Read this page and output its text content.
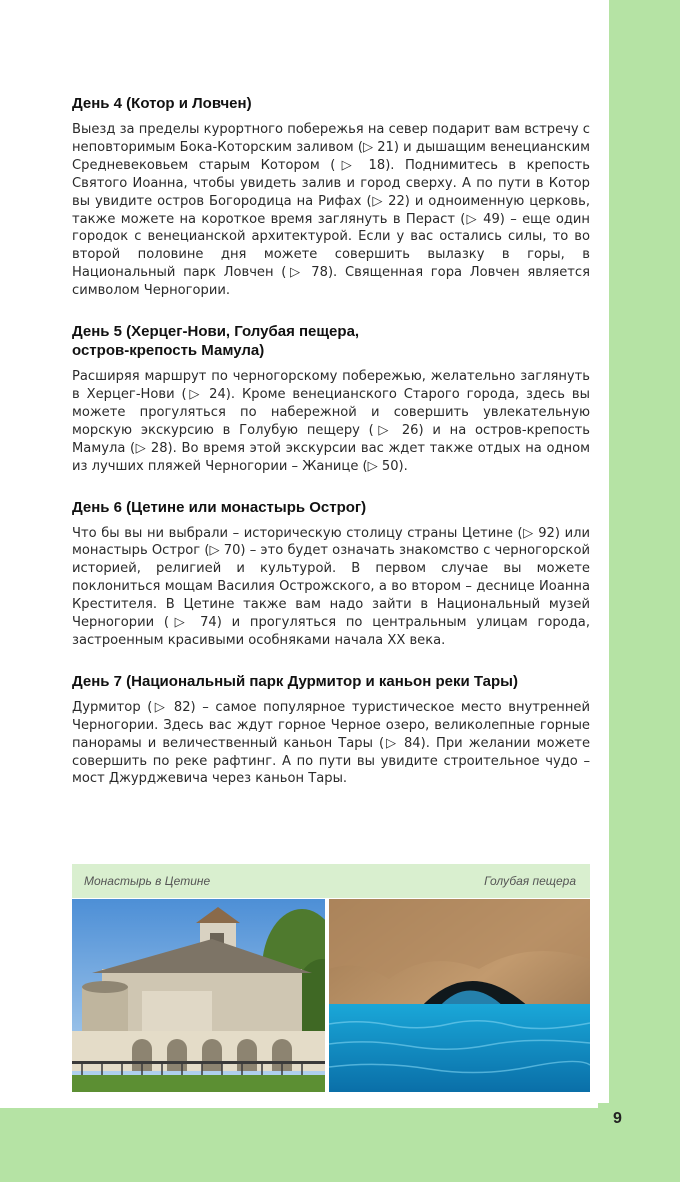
9
День 4 (Котор и Ловчен)
Выезд за пределы курортного побережья на север подарит вам встречу с неповторимым Бока-Которским заливом (▷ 21) и дышащим венецианским Средневековьем старым Котором (▷ 18). Поднимитесь в крепость Святого Иоанна, чтобы увидеть залив и город сверху. А по пути в Котор вы увидите остров Богородица на Рифах (▷ 22) и одноименную церковь, также можете на короткое время заглянуть в Пераст (▷ 49) – еще один городок с венецианской архитектурой. Если у вас остались силы, то во второй половине дня можете совершить вылазку в горы, в Национальный парк Ловчен (▷ 78). Священная гора Ловчен является символом Черногории.
День 5 (Херцег-Нови, Голубая пещера, остров-крепость Мамула)
Расширяя маршрут по черногорскому побережью, желательно заглянуть в Херцег-Нови (▷ 24). Кроме венецианского Старого города, здесь вы можете прогуляться по набережной и совершить увлекательную морскую экскурсию в Голубую пещеру (▷ 26) и на остров-крепость Мамула (▷ 28). Во время этой экскурсии вас ждет также отдых на одном из лучших пляжей Черногории – Жанице (▷ 50).
День 6 (Цетине или монастырь Острог)
Что бы вы ни выбрали – историческую столицу страны Цетине (▷ 92) или монастырь Острог (▷ 70) – это будет означать знакомство с черногорской историей, религией и культурой. В первом случае вы можете поклониться мощам Василия Острожского, а во втором – деснице Иоанна Крестителя. В Цетине также вам надо зайти в Национальный музей Черногории (▷ 74) и прогуляться по центральным улицам города, застроенным красивыми особняками начала XX века.
День 7 (Национальный парк Дурмитор и каньон реки Тары)
Дурмитор (▷ 82) – самое популярное туристическое место внутренней Черногории. Здесь вас ждут горное Черное озеро, великолепные горные панорамы и величественный каньон Тары (▷ 84). При желании можете совершить по реке рафтинг. А по пути вы увидите строительное чудо – мост Джурджевича через каньон Тары.
Монастырь в Цетине	Голубая пещера
